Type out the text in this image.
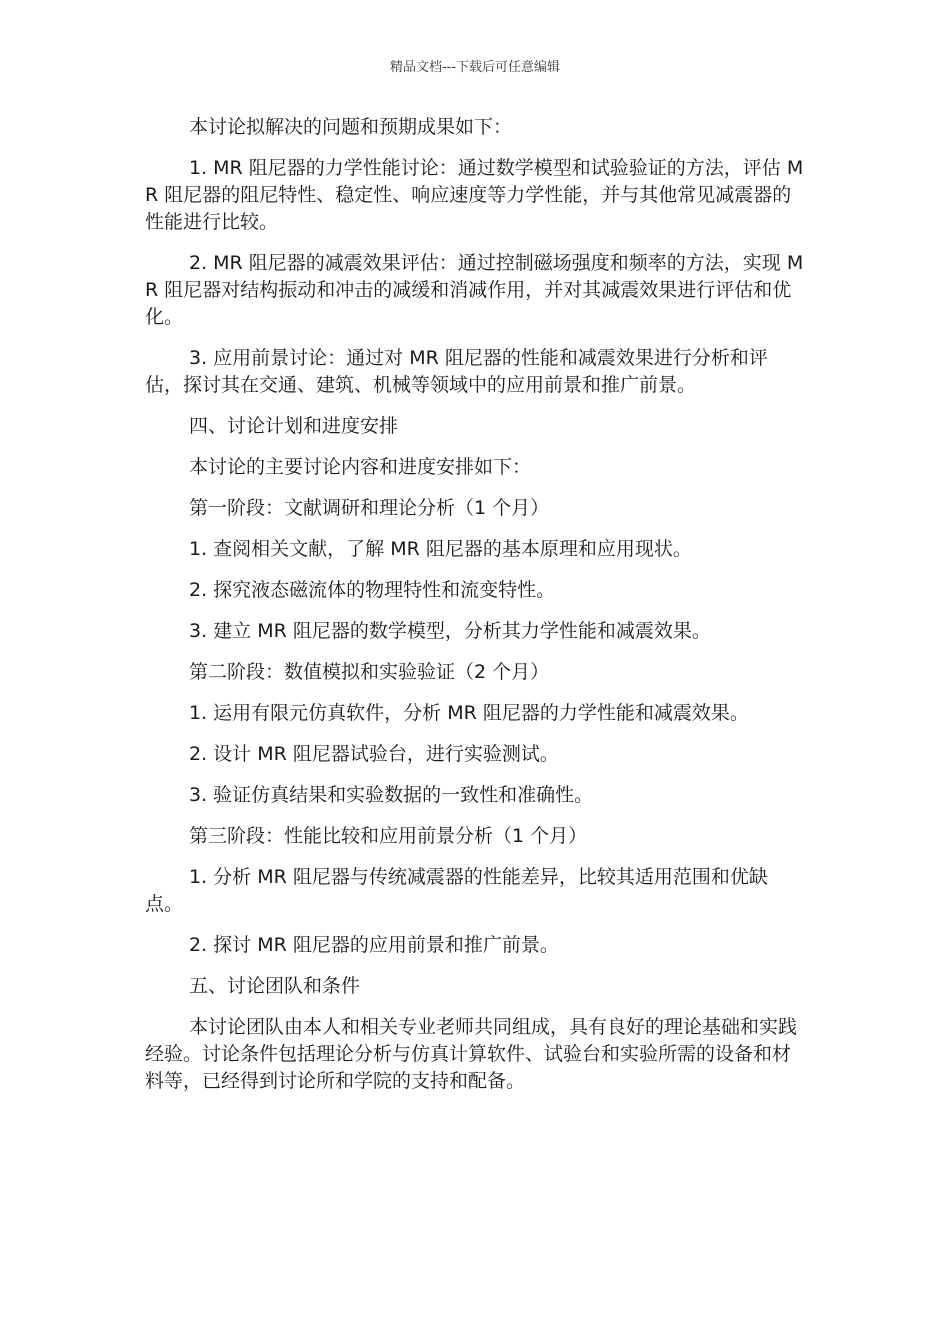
精品文档---下载后可任意编辑

本讨论拟解决的问题和预期成果如下：

1. MR 阻尼器的力学性能讨论：通过数学模型和试验验证的方法，评估 MR 阻尼器的阻尼特性、稳定性、响应速度等力学性能，并与其他常见减震器的性能进行比较。

2. MR 阻尼器的减震效果评估：通过控制磁场强度和频率的方法，实现 MR 阻尼器对结构振动和冲击的减缓和消减作用，并对其减震效果进行评估和优化。

3. 应用前景讨论：通过对 MR 阻尼器的性能和减震效果进行分析和评估，探讨其在交通、建筑、机械等领域中的应用前景和推广前景。

四、讨论计划和进度安排

本讨论的主要讨论内容和进度安排如下：

第一阶段：文献调研和理论分析（1 个月）

1. 查阅相关文献，了解 MR 阻尼器的基本原理和应用现状。

2. 探究液态磁流体的物理特性和流变特性。

3. 建立 MR 阻尼器的数学模型，分析其力学性能和减震效果。

第二阶段：数值模拟和实验验证（2 个月）

1. 运用有限元仿真软件，分析 MR 阻尼器的力学性能和减震效果。

2. 设计 MR 阻尼器试验台，进行实验测试。

3. 验证仿真结果和实验数据的一致性和准确性。

第三阶段：性能比较和应用前景分析（1 个月）

1. 分析 MR 阻尼器与传统减震器的性能差异，比较其适用范围和优缺点。

2. 探讨 MR 阻尼器的应用前景和推广前景。

五、讨论团队和条件

本讨论团队由本人和相关专业老师共同组成，具有良好的理论基础和实践经验。讨论条件包括理论分析与仿真计算软件、试验台和实验所需的设备和材料等，已经得到讨论所和学院的支持和配备。
